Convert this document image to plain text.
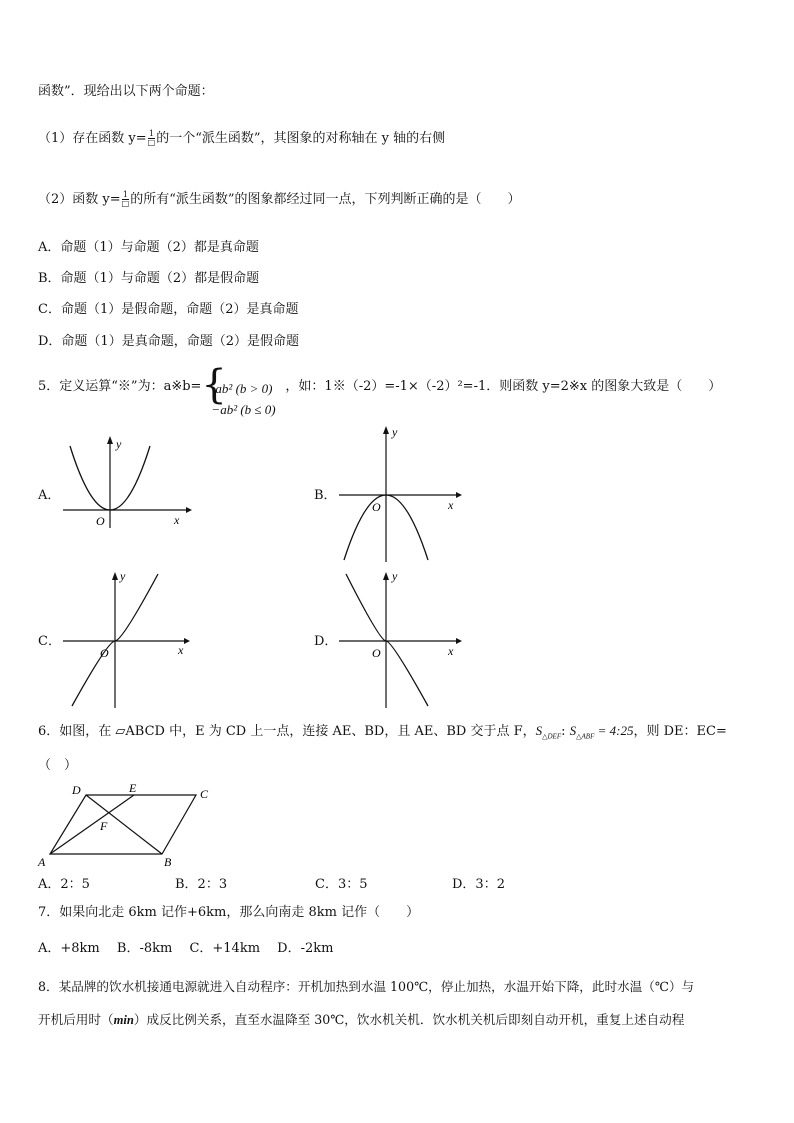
函数”．现给出以下两个命题：
（1）存在函数 $y= \frac{1}{□}$ 的一个“派生函数”，其图象的对称轴在 y 轴的右侧
（2）函数 $y= \frac{1}{□}$ 的所有“派生函数”的图象都经过同一点，下列判断正确的是（　　）
A．命题（1）与命题（2）都是真命题
B．命题（1）与命题（2）都是假命题
C．命题（1）是假命题，命题（2）是真命题
D．命题（1）是真命题，命题（2）是假命题
5．定义运算“※”为：a※b= {
ab² (b > 0)
−ab² (b ≤ 0)
，如：1※（-2）=-1×（-2）²=-1．则函数 y=2※x 的图象大致是（　　）
A．	B．
C．	D．
x
y
O
x
y
O
x
y
O	x
y
O
6．如图，在 ▱ABCD 中，E 为 CD 上一点，连接 AE、BD，且 AE、BD 交于点 F，$S_{\triangle DEF}$: $S_{\triangle ABF}$ = 4:25，则 DE：EC=
（　）
D	E	C
F
A	B
A．2：5	B．2：3	C．3：5	D．3：2
7．如果向北走 6km 记作+6km，那么向南走 8km 记作（　　）
A．+8km　 B．-8km　 C．+14km　 D．-2km
8．某品牌的饮水机接通电源就进入自动程序：开机加热到水温 100℃，停止加热，水温开始下降，此时水温（℃）与
开机后用时（min）成反比例关系，直至水温降至 30℃，饮水机关机．饮水机关机后即刻自动开机，重复上述自动程
